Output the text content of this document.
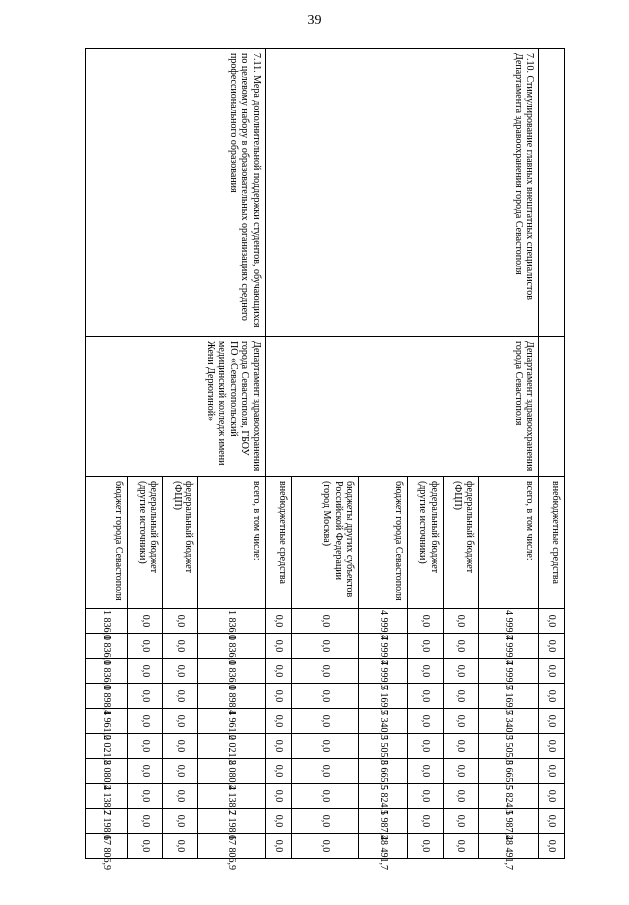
39
		внебюджетные средства	0,0	0,0	0,0	0,0	0,0	0,0	0,0	0,0	0,0	0,0
7.10. Стимулирование главных внештатных специалистов Департамента здравоохранения города Севастополя	Департамент здравоохранения города Севастополя	всего, в том числе:	4 999,7	4 999,7	4 999,7	5 169,7	5 340,3	5 505,8	5 665,5	5 824,1	5 987,2	48 491,7
		федеральный бюджет (ФЦП)	0,0	0,0	0,0	0,0	0,0	0,0	0,0	0,0	0,0	0,0
		федеральный бюджет (другие источники)	0,0	0,0	0,0	0,0	0,0	0,0	0,0	0,0	0,0	0,0
		бюджет города Севастополя	4 999,7	4 999,7	4 999,7	5 169,7	5 340,3	5 505,8	5 665,5	5 824,1	5 987,2	48 491,7
		бюджеты других субъектов Российской Федерации (город Москва)	0,0	0,0	0,0	0,0	0,0	0,0	0,0	0,0	0,0	0,0
		внебюджетные средства	0,0	0,0	0,0	0,0	0,0	0,0	0,0	0,0	0,0	0,0
7.11. Мера дополнительной поддержки студентов, обучающихся по целевому набору в образовательных организациях среднего профессионального образования	Департамент здравоохранения города Севастополя, ГБОУ ПО «Севастопольский медицинский колледж имени Жени Дерюгиной»	всего, в том числе:	1 836,0	1 836,0	1 836,0	1 898,4	1 961,0	2 021,8	2 080,4	2 138,7	2 198,6	17 806,9
		федеральный бюджет (ФЦП)	0,0	0,0	0,0	0,0	0,0	0,0	0,0	0,0	0,0	0,0
		федеральный бюджет (другие источники)	0,0	0,0	0,0	0,0	0,0	0,0	0,0	0,0	0,0	0,0
		бюджет города Севастополя	1 836,0	1 836,0	1 836,0	1 898,4	1 961,0	2 021,8	2 080,4	2 138,7	2 198,6	17 806,9
